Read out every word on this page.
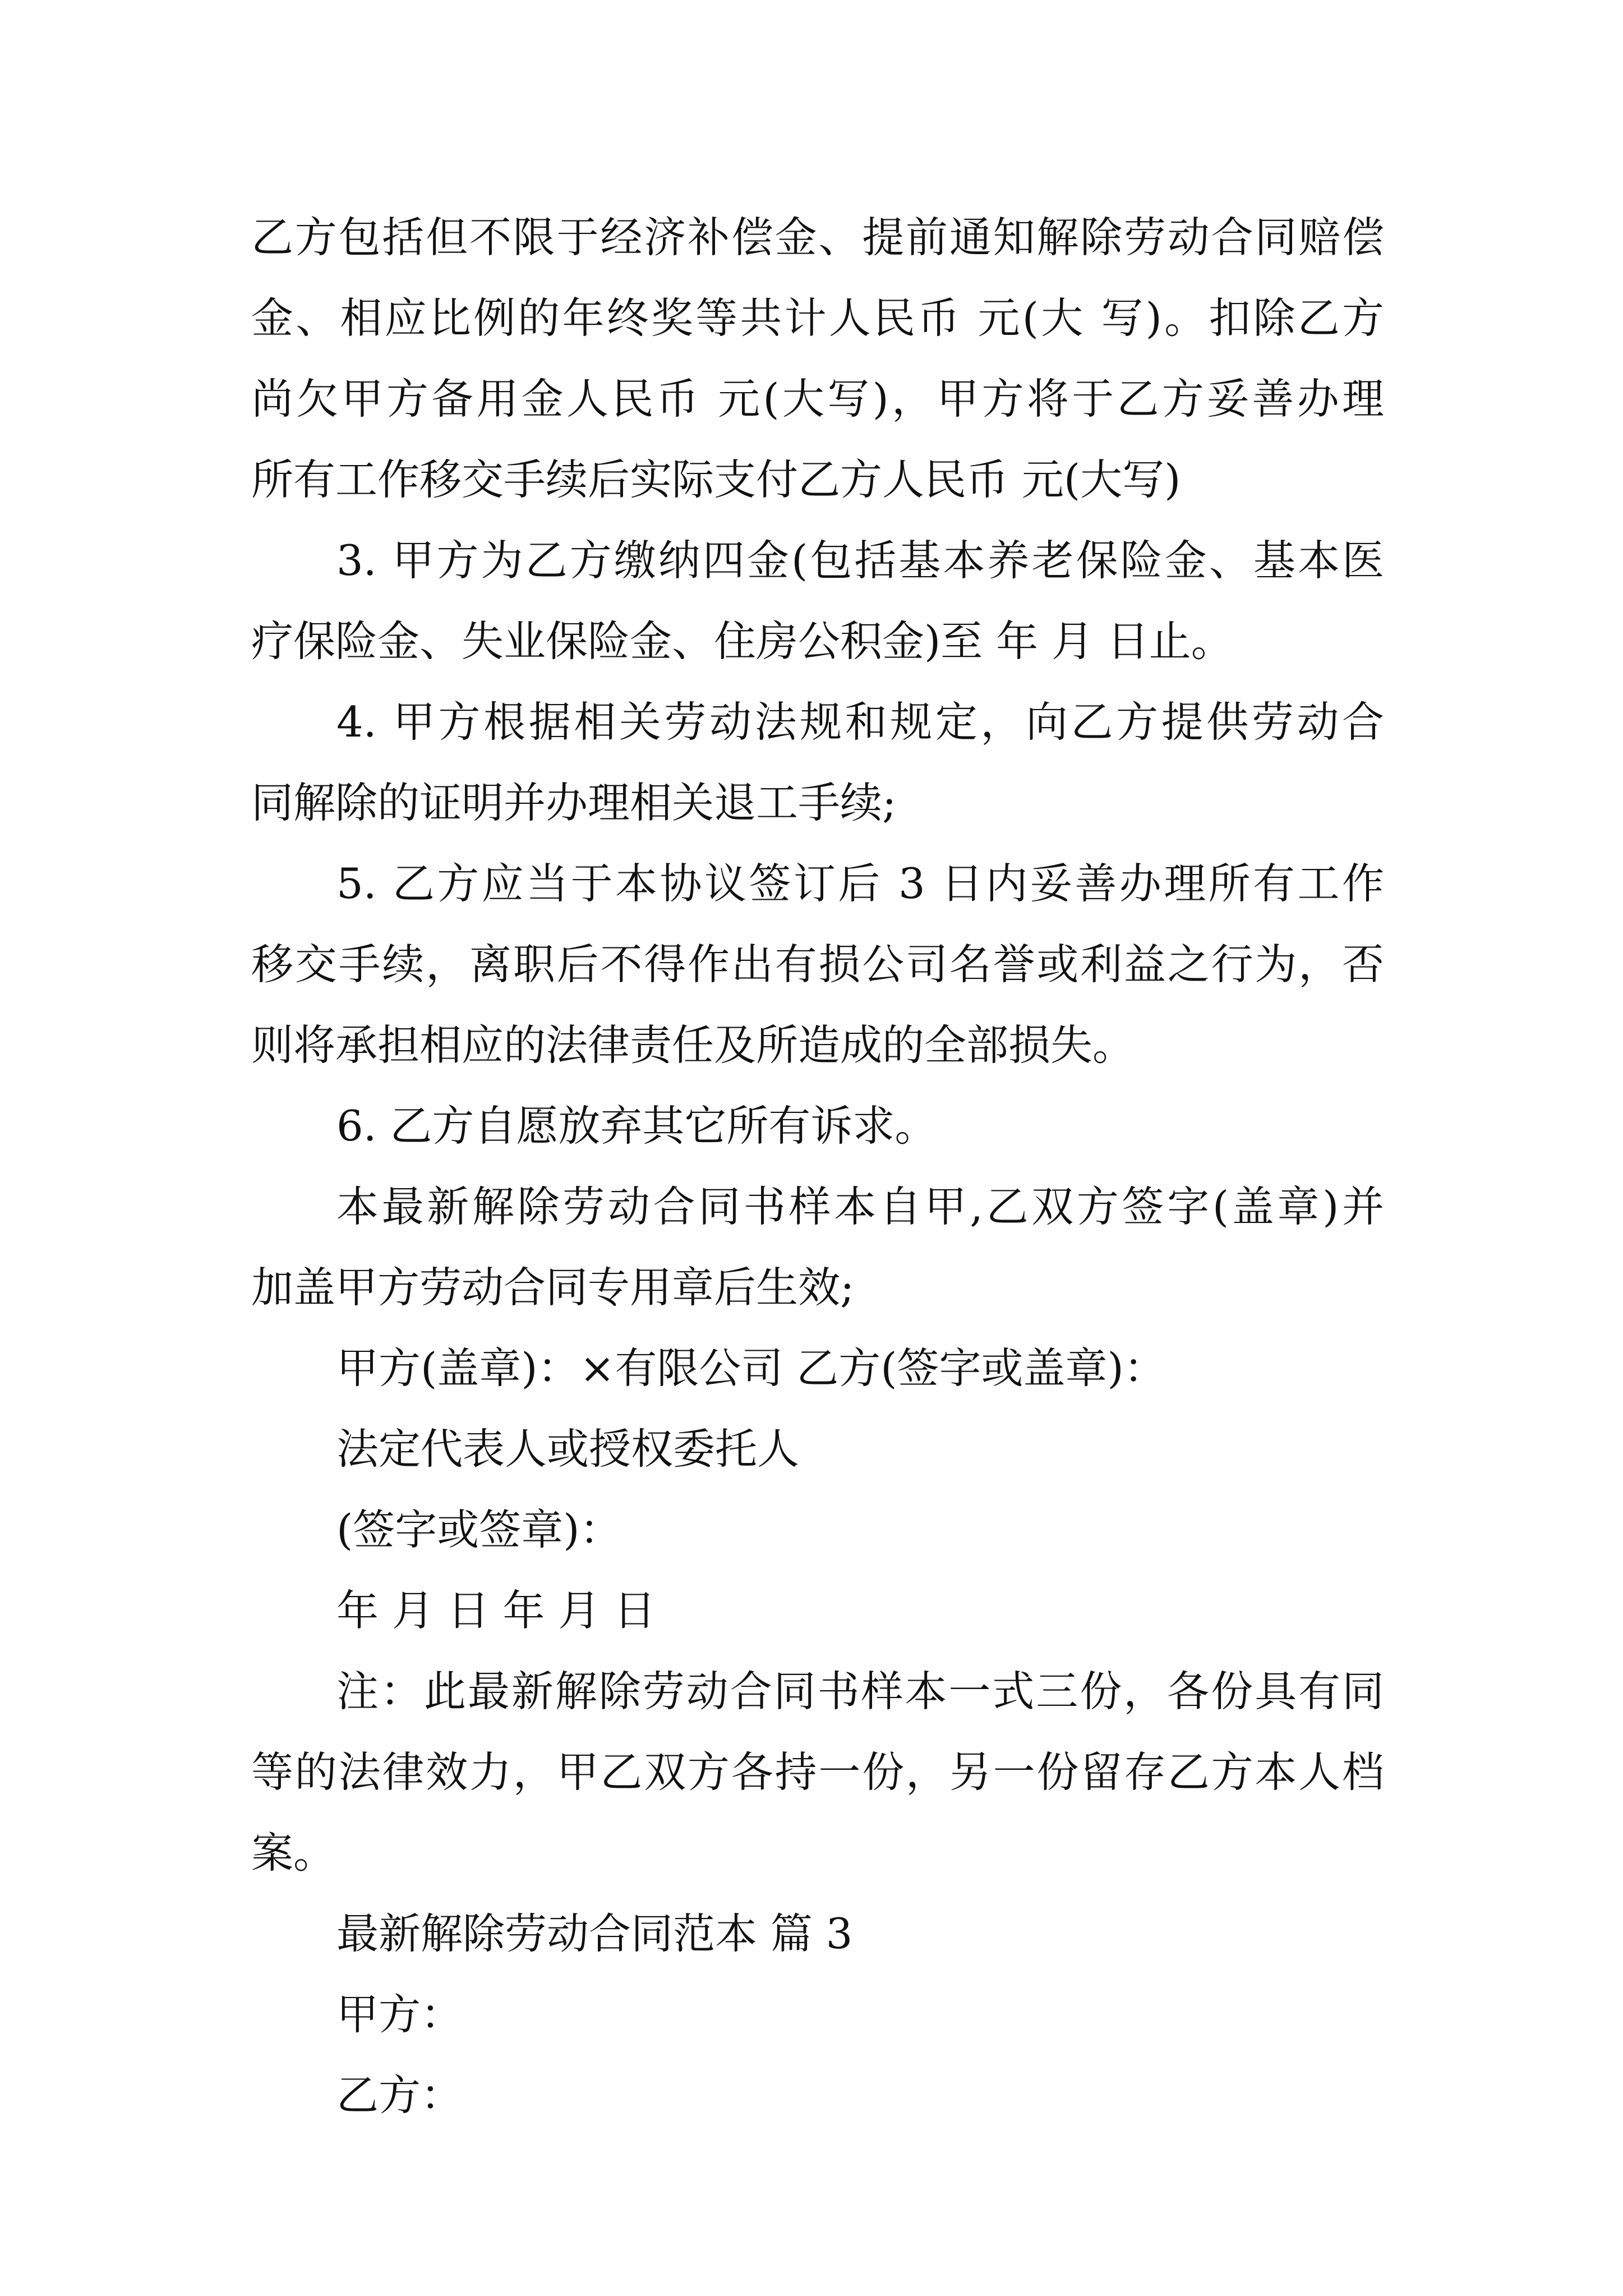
乙方包括但不限于经济补偿金、提前通知解除劳动合同赔偿
金、相应比例的年终奖等共计人民币 元(大 写)。扣除乙方
尚欠甲方备用金人民币 元(大写)，甲方将于乙方妥善办理
所有工作移交手续后实际支付乙方人民币 元(大写)
3. 甲方为乙方缴纳四金(包括基本养老保险金、基本医
疗保险金、失业保险金、住房公积金)至 年 月 日止。
4. 甲方根据相关劳动法规和规定，向乙方提供劳动合
同解除的证明并办理相关退工手续;
5. 乙方应当于本协议签订后 3 日内妥善办理所有工作
移交手续，离职后不得作出有损公司名誉或利益之行为，否
则将承担相应的法律责任及所造成的全部损失。
6. 乙方自愿放弃其它所有诉求。
本最新解除劳动合同书样本自甲,乙双方签字(盖章)并
加盖甲方劳动合同专用章后生效;
甲方(盖章)：×有限公司 乙方(签字或盖章)：
法定代表人或授权委托人
(签字或签章)：
年 月 日 年 月 日
注：此最新解除劳动合同书样本一式三份，各份具有同
等的法律效力，甲乙双方各持一份，另一份留存乙方本人档
案。
最新解除劳动合同范本 篇 3
甲方：
乙方：
